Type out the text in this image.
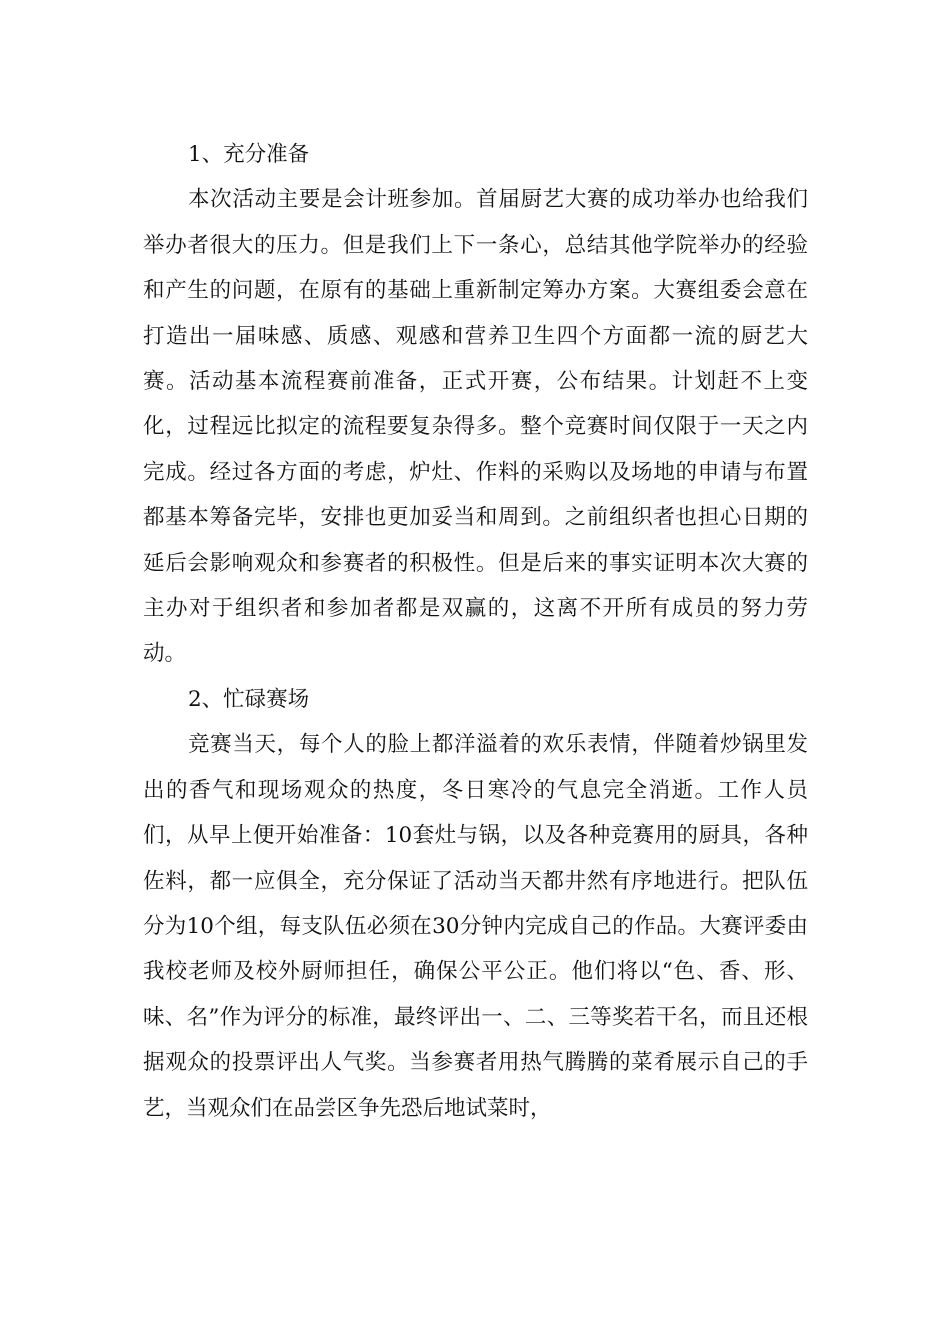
1、充分准备

本次活动主要是会计班参加。首届厨艺大赛的成功举办也给我们举办者很大的压力。但是我们上下一条心，总结其他学院举办的经验和产生的问题，在原有的基础上重新制定筹办方案。大赛组委会意在打造出一届味感、质感、观感和营养卫生四个方面都一流的厨艺大赛。活动基本流程赛前准备，正式开赛，公布结果。计划赶不上变化，过程远比拟定的流程要复杂得多。整个竞赛时间仅限于一天之内完成。经过各方面的考虑，炉灶、作料的采购以及场地的申请与布置都基本筹备完毕，安排也更加妥当和周到。之前组织者也担心日期的延后会影响观众和参赛者的积极性。但是后来的事实证明本次大赛的主办对于组织者和参加者都是双赢的，这离不开所有成员的努力劳动。

2、忙碌赛场

竞赛当天，每个人的脸上都洋溢着的欢乐表情，伴随着炒锅里发出的香气和现场观众的热度，冬日寒冷的气息完全消逝。工作人员们，从早上便开始准备：10套灶与锅，以及各种竞赛用的厨具，各种佐料，都一应俱全，充分保证了活动当天都井然有序地进行。把队伍分为10个组，每支队伍必须在30分钟内完成自己的作品。大赛评委由我校老师及校外厨师担任，确保公平公正。他们将以“色、香、形、味、名”作为评分的标准，最终评出一、二、三等奖若干名，而且还根据观众的投票评出人气奖。当参赛者用热气腾腾的菜肴展示自己的手艺，当观众们在品尝区争先恐后地试菜时，
